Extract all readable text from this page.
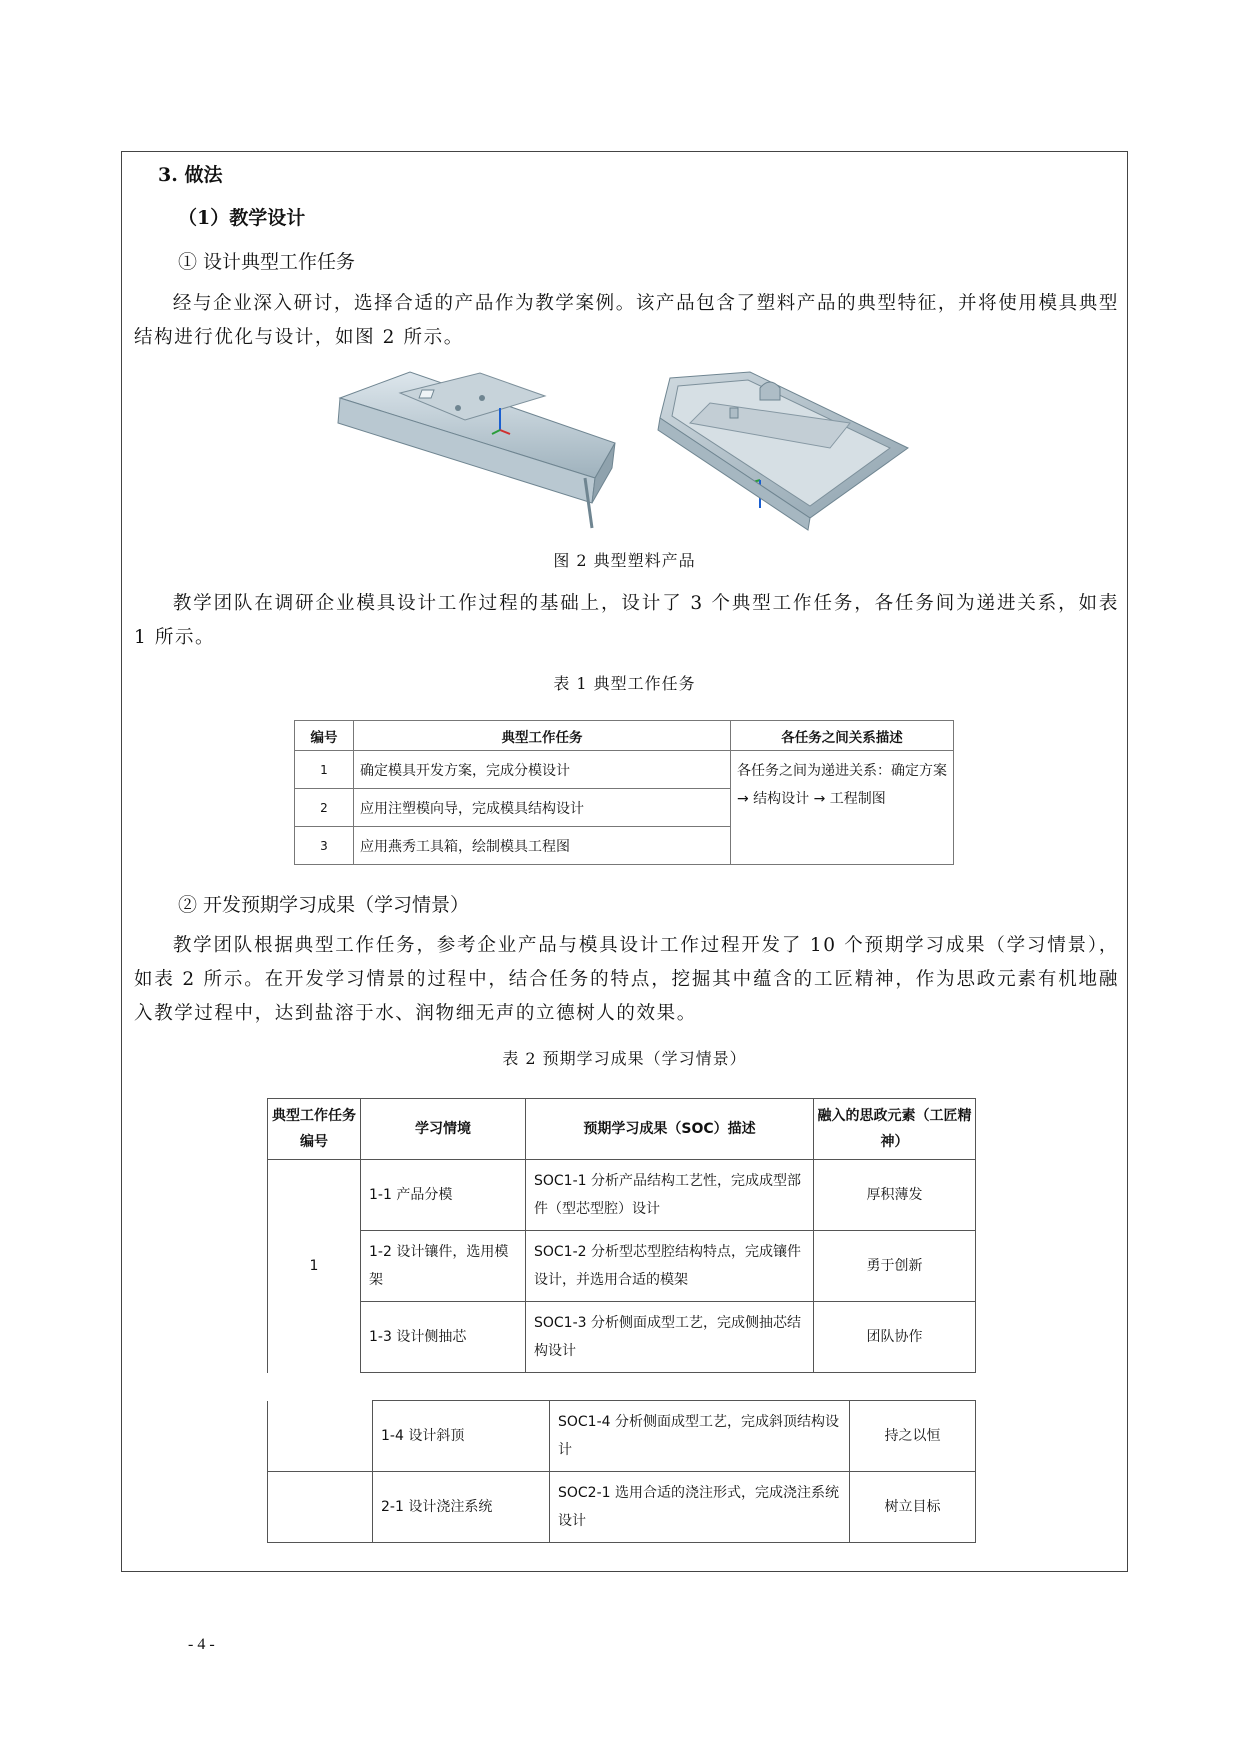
3. 做法
（1）教学设计
① 设计典型工作任务
经与企业深入研讨，选择合适的产品作为教学案例。该产品包含了塑料产品的典型特征，并将使用模具典型结构进行优化与设计，如图 2 所示。
图 2 典型塑料产品
教学团队在调研企业模具设计工作过程的基础上，设计了 3 个典型工作任务，各任务间为递进关系，如表 1 所示。
表 1 典型工作任务
编号	典型工作任务	各任务之间关系描述
1	确定模具开发方案，完成分模设计	各任务之间为递进关系：确定方案 → 结构设计 → 工程制图
2	应用注塑模向导，完成模具结构设计	
3	应用燕秀工具箱，绘制模具工程图	
② 开发预期学习成果（学习情景）
教学团队根据典型工作任务，参考企业产品与模具设计工作过程开发了 10 个预期学习成果（学习情景），如表 2 所示。在开发学习情景的过程中，结合任务的特点，挖掘其中蕴含的工匠精神，作为思政元素有机地融入教学过程中，达到盐溶于水、润物细无声的立德树人的效果。
表 2 预期学习成果（学习情景）
典型工作任务编号	学习情境	预期学习成果（SOC）描述	融入的思政元素（工匠精神）
1	1-1 产品分模	SOC1-1 分析产品结构工艺性，完成成型部件（型芯型腔）设计	厚积薄发
	1-2 设计镶件，选用模架	SOC1-2 分析型芯型腔结构特点，完成镶件设计，并选用合适的模架	勇于创新
	1-3 设计侧抽芯	SOC1-3 分析侧面成型工艺，完成侧抽芯结构设计	团队协作
	1-4 设计斜顶	SOC1-4 分析侧面成型工艺，完成斜顶结构设计	持之以恒
	2-1 设计浇注系统	SOC2-1 选用合适的浇注形式，完成浇注系统设计	树立目标
- 4 -
